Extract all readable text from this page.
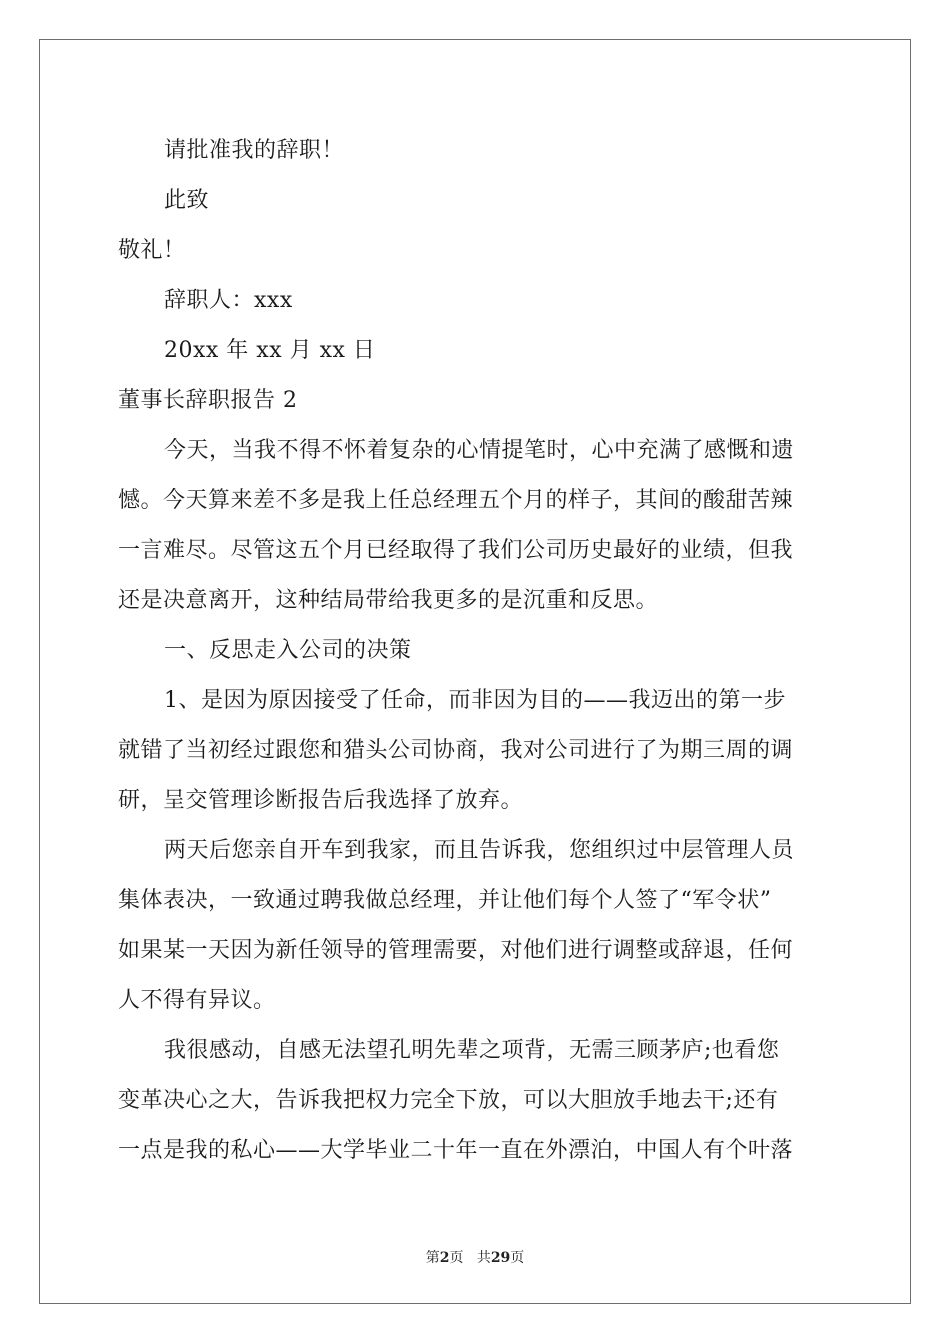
请批准我的辞职！
此致
敬礼！
辞职人：xxx
20xx 年 xx 月 xx 日
董事长辞职报告 2
今天，当我不得不怀着复杂的心情提笔时，心中充满了感慨和遗
憾。今天算来差不多是我上任总经理五个月的样子，其间的酸甜苦辣
一言难尽。尽管这五个月已经取得了我们公司历史最好的业绩，但我
还是决意离开，这种结局带给我更多的是沉重和反思。
一、反思走入公司的决策
1、是因为原因接受了任命，而非因为目的——我迈出的第一步
就错了当初经过跟您和猎头公司协商，我对公司进行了为期三周的调
研，呈交管理诊断报告后我选择了放弃。
两天后您亲自开车到我家，而且告诉我，您组织过中层管理人员
集体表决，一致通过聘我做总经理，并让他们每个人签了“军令状”
如果某一天因为新任领导的管理需要，对他们进行调整或辞退，任何
人不得有异议。
我很感动，自感无法望孔明先辈之项背，无需三顾茅庐;也看您
变革决心之大，告诉我把权力完全下放，可以大胆放手地去干;还有
一点是我的私心——大学毕业二十年一直在外漂泊，中国人有个叶落
第2页 共29页
